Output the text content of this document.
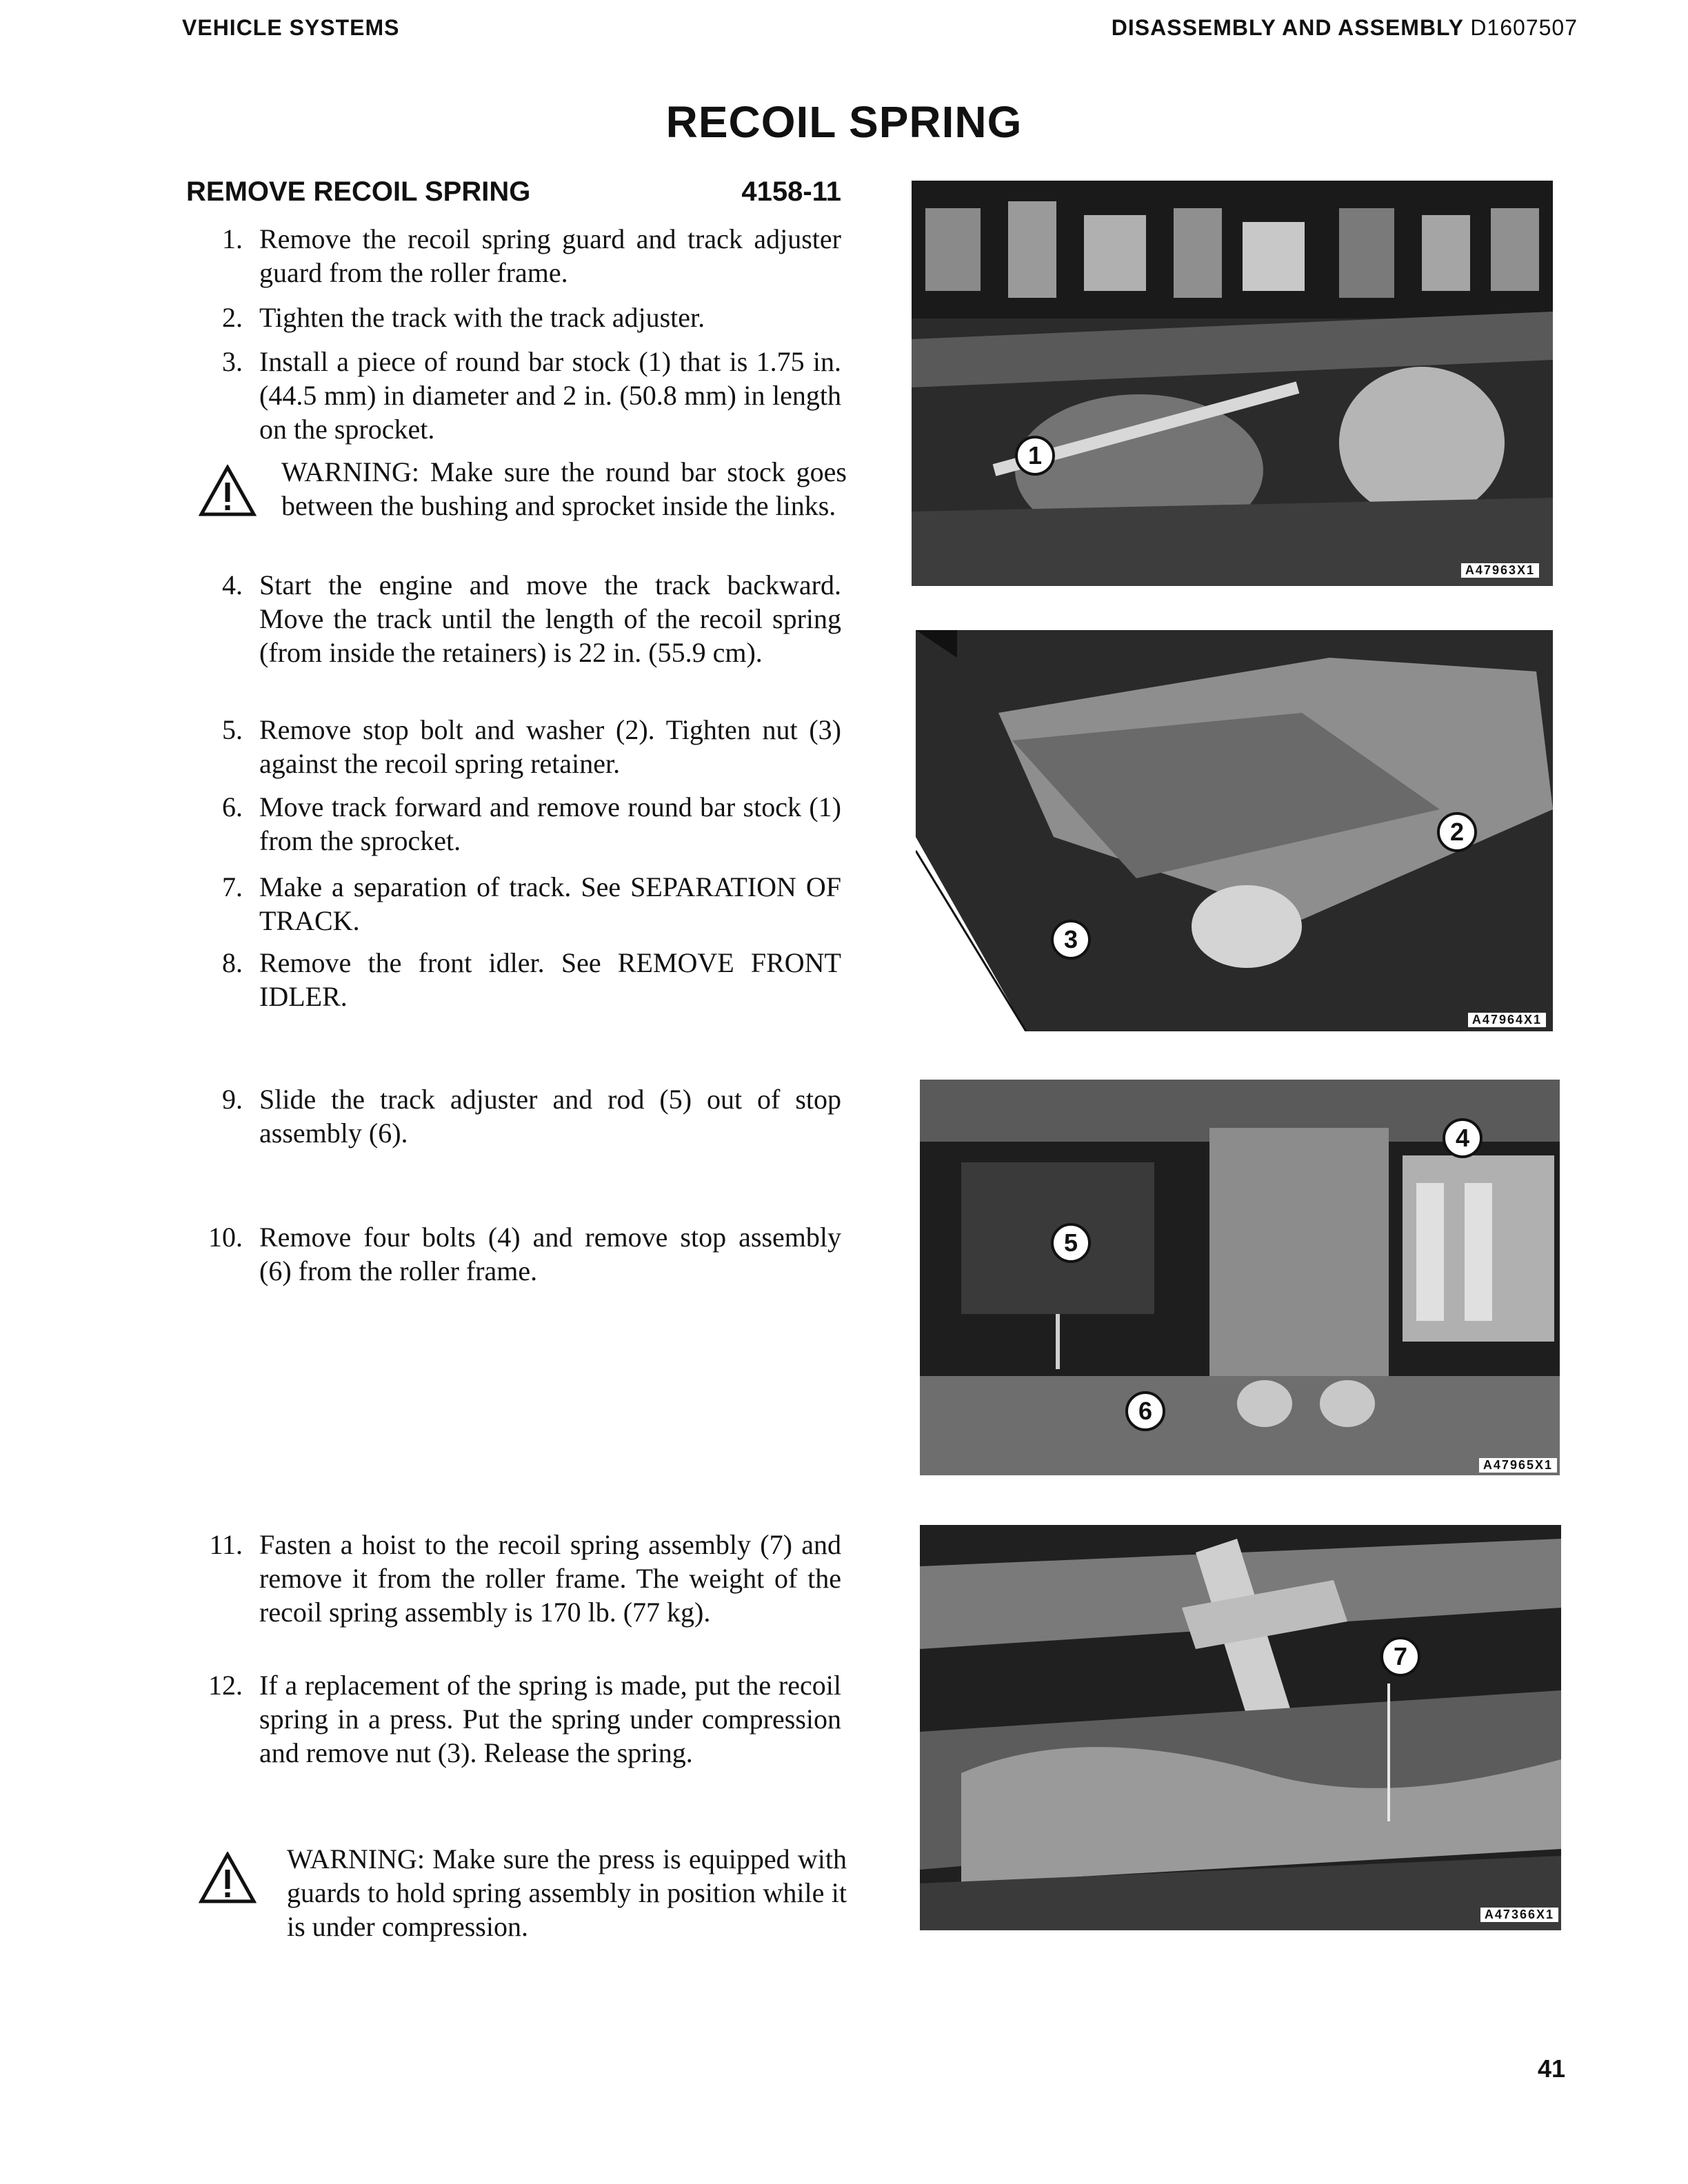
VEHICLE SYSTEMS	DISASSEMBLY AND ASSEMBLY D1607507
RECOIL SPRING
REMOVE RECOIL SPRING	4158-11
1. Remove the recoil spring guard and track adjuster guard from the roller frame.
2. Tighten the track with the track adjuster.
3. Install a piece of round bar stock (1) that is 1.75 in. (44.5 mm) in diameter and 2 in. (50.8 mm) in length on the sprocket.
WARNING: Make sure the round bar stock goes between the bushing and sprocket inside the links.
4. Start the engine and move the track backward. Move the track until the length of the recoil spring (from inside the retainers) is 22 in. (55.9 cm).
5. Remove stop bolt and washer (2). Tighten nut (3) against the recoil spring retainer.
6. Move track forward and remove round bar stock (1) from the sprocket.
7. Make a separation of track. See SEPARATION OF TRACK.
8. Remove the front idler. See REMOVE FRONT IDLER.
9. Slide the track adjuster and rod (5) out of stop assembly (6).
10. Remove four bolts (4) and remove stop assembly (6) from the roller frame.
11. Fasten a hoist to the recoil spring assembly (7) and remove it from the roller frame. The weight of the recoil spring assembly is 170 lb. (77 kg).
12. If a replacement of the spring is made, put the recoil spring in a press. Put the spring under compression and remove nut (3). Release the spring.
WARNING: Make sure the press is equipped with guards to hold spring assembly in position while it is under compression.
1
A47963X1
2
3
A47964X1
4
5
6
A47965X1
7
A47366X1
41
